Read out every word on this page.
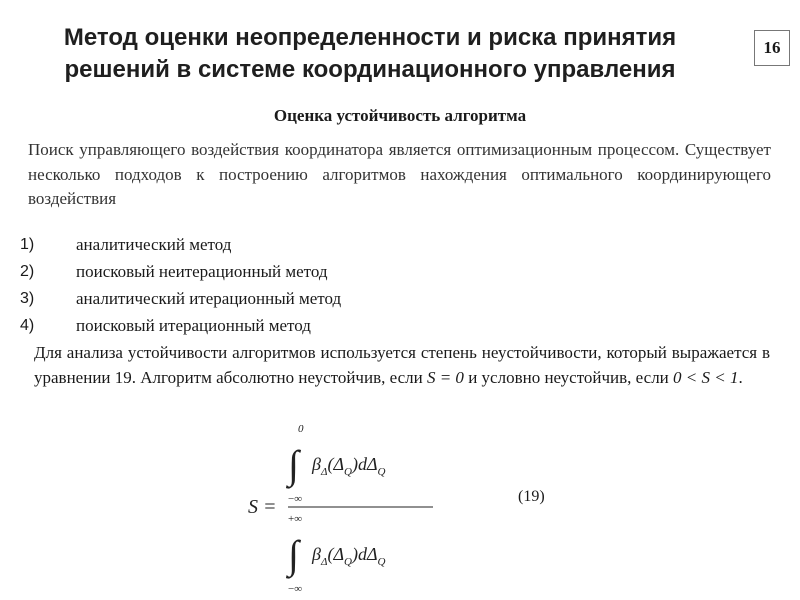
Метод оценки неопределенности и риска принятия
решений в системе координационного управления
16
Оценка устойчивость алгоритма
Поиск управляющего воздействия координатора является оптимизационным процессом. Существует несколько подходов к построению алгоритмов нахождения оптимального координирующего воздействия
1)	аналитический метод
2)	поисковый неитерационный метод
3)	аналитический итерационный метод
4)	поисковый итерационный метод

Для анализа устойчивости алгоритмов используется степень неустойчивости, который выражается в уравнении 19. Алгоритм абсолютно неустойчив, если S = 0 и условно неустойчив, если 0 < S < 1.

S =
0
∫
−∞
$\beta_\Delta(\Delta_Q)d\Delta_Q$
+∞
∫
−∞
$\beta_\Delta(\Delta_Q)d\Delta_Q$
(19)
